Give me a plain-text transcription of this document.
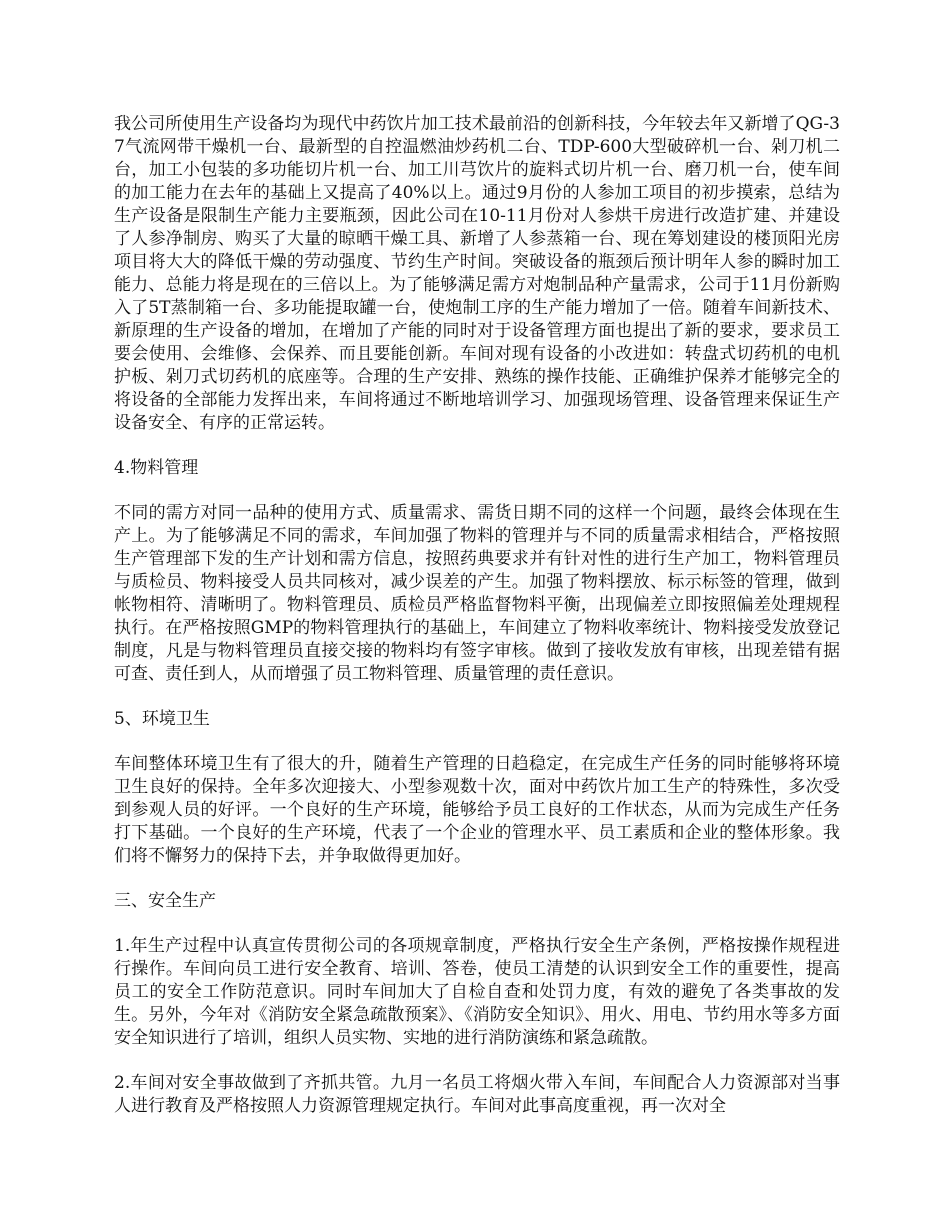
我公司所使用生产设备均为现代中药饮片加工技术最前沿的创新科技，今年较去年又新增了QG-37气流网带干燥机一台、最新型的自控温燃油炒药机二台、TDP-600大型破碎机一台、剁刀机二台，加工小包装的多功能切片机一台、加工川芎饮片的旋料式切片机一台、磨刀机一台，使车间的加工能力在去年的基础上又提高了40%以上。通过9月份的人参加工项目的初步摸索，总结为生产设备是限制生产能力主要瓶颈，因此公司在10-11月份对人参烘干房进行改造扩建、并建设了人参净制房、购买了大量的晾晒干燥工具、新增了人参蒸箱一台、现在筹划建设的楼顶阳光房项目将大大的降低干燥的劳动强度、节约生产时间。突破设备的瓶颈后预计明年人参的瞬时加工能力、总能力将是现在的三倍以上。为了能够满足需方对炮制品种产量需求，公司于11月份新购入了5T蒸制箱一台、多功能提取罐一台，使炮制工序的生产能力增加了一倍。随着车间新技术、新原理的生产设备的增加，在增加了产能的同时对于设备管理方面也提出了新的要求，要求员工要会使用、会维修、会保养、而且要能创新。车间对现有设备的小改进如：转盘式切药机的电机护板、剁刀式切药机的底座等。合理的生产安排、熟练的操作技能、正确维护保养才能够完全的将设备的全部能力发挥出来，车间将通过不断地培训学习、加强现场管理、设备管理来保证生产设备安全、有序的正常运转。

4.物料管理

不同的需方对同一品种的使用方式、质量需求、需货日期不同的这样一个问题，最终会体现在生产上。为了能够满足不同的需求，车间加强了物料的管理并与不同的质量需求相结合，严格按照生产管理部下发的生产计划和需方信息，按照药典要求并有针对性的进行生产加工，物料管理员与质检员、物料接受人员共同核对，减少误差的产生。加强了物料摆放、标示标签的管理，做到帐物相符、清晰明了。物料管理员、质检员严格监督物料平衡，出现偏差立即按照偏差处理规程执行。在严格按照GMP的物料管理执行的基础上，车间建立了物料收率统计、物料接受发放登记制度，凡是与物料管理员直接交接的物料均有签字审核。做到了接收发放有审核，出现差错有据可查、责任到人，从而增强了员工物料管理、质量管理的责任意识。

5、环境卫生

车间整体环境卫生有了很大的升，随着生产管理的日趋稳定，在完成生产任务的同时能够将环境卫生良好的保持。全年多次迎接大、小型参观数十次，面对中药饮片加工生产的特殊性，多次受到参观人员的好评。一个良好的生产环境，能够给予员工良好的工作状态，从而为完成生产任务打下基础。一个良好的生产环境，代表了一个企业的管理水平、员工素质和企业的整体形象。我们将不懈努力的保持下去，并争取做得更加好。

三、安全生产

1.年生产过程中认真宣传贯彻公司的各项规章制度，严格执行安全生产条例，严格按操作规程进行操作。车间向员工进行安全教育、培训、答卷，使员工清楚的认识到安全工作的重要性，提高员工的安全工作防范意识。同时车间加大了自检自查和处罚力度，有效的避免了各类事故的发生。另外，今年对《消防安全紧急疏散预案》、《消防安全知识》、用火、用电、节约用水等多方面安全知识进行了培训，组织人员实物、实地的进行消防演练和紧急疏散。

2.车间对安全事故做到了齐抓共管。九月一名员工将烟火带入车间，车间配合人力资源部对当事人进行教育及严格按照人力资源管理规定执行。车间对此事高度重视，再一次对全
